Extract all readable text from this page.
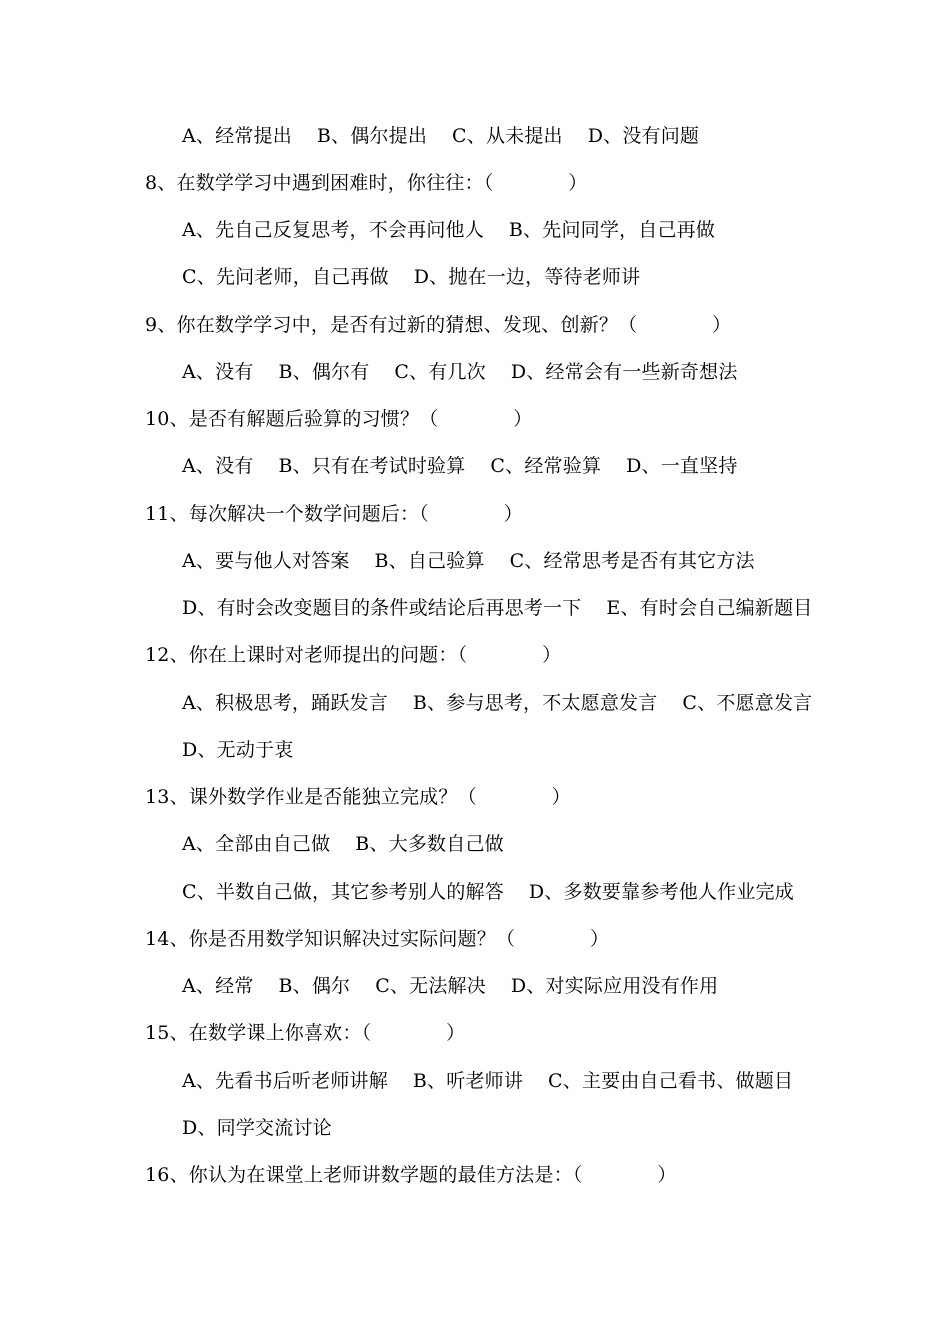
A、经常提出    B、偶尔提出    C、从未提出    D、没有问题
8、在数学学习中遇到困难时，你往往：（            ）
A、先自己反复思考，不会再问他人    B、先问同学，自己再做
C、先问老师，自己再做    D、抛在一边，等待老师讲
9、你在数学学习中，是否有过新的猜想、发现、创新？（            ）
A、没有    B、偶尔有    C、有几次    D、经常会有一些新奇想法
10、是否有解题后验算的习惯？（            ）
A、没有    B、只有在考试时验算    C、经常验算    D、一直坚持
11、每次解决一个数学问题后：（            ）
A、要与他人对答案    B、自己验算    C、经常思考是否有其它方法
D、有时会改变题目的条件或结论后再思考一下    E、有时会自己编新题目
12、你在上课时对老师提出的问题：（            ）
A、积极思考，踊跃发言    B、参与思考，不太愿意发言    C、不愿意发言
D、无动于衷
13、课外数学作业是否能独立完成？（            ）
A、全部由自己做    B、大多数自己做
C、半数自己做，其它参考别人的解答    D、多数要靠参考他人作业完成
14、你是否用数学知识解决过实际问题？（            ）
A、经常    B、偶尔    C、无法解决    D、对实际应用没有作用
15、在数学课上你喜欢：（            ）
A、先看书后听老师讲解    B、听老师讲    C、主要由自己看书、做题目
D、同学交流讨论
16、你认为在课堂上老师讲数学题的最佳方法是：（            ）
